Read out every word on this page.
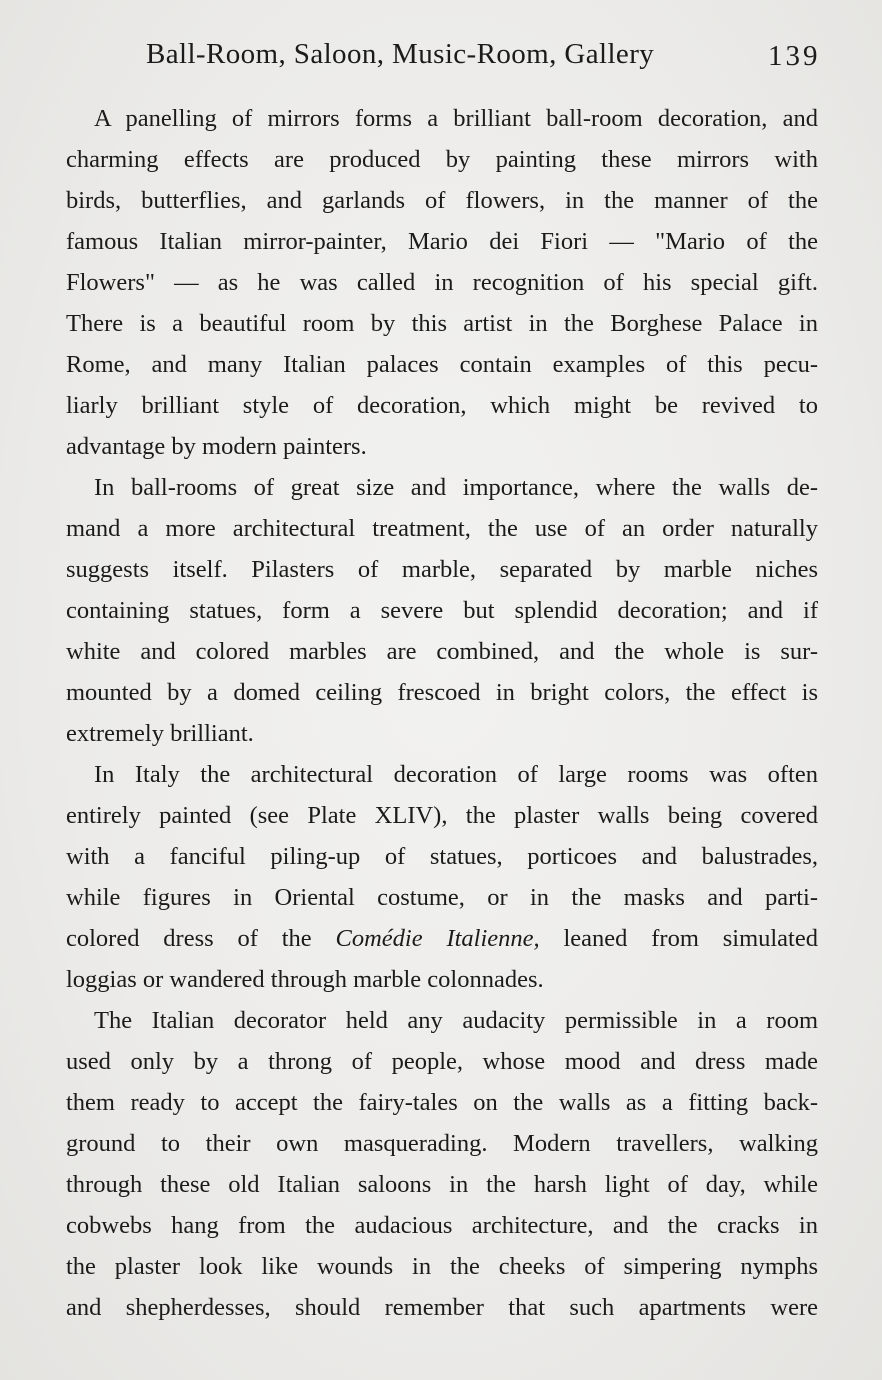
Ball-Room, Saloon, Music-Room, Gallery	139
A panelling of mirrors forms a brilliant ball-room decoration, and
charming effects are produced by painting these mirrors with
birds, butterflies, and garlands of flowers, in the manner of the
famous Italian mirror-painter, Mario dei Fiori — "Mario of the
Flowers" — as he was called in recognition of his special gift.
There is a beautiful room by this artist in the Borghese Palace in
Rome, and many Italian palaces contain examples of this pecu-
liarly brilliant style of decoration, which might be revived to
advantage by modern painters.
In ball-rooms of great size and importance, where the walls de-
mand a more architectural treatment, the use of an order naturally
suggests itself. Pilasters of marble, separated by marble niches
containing statues, form a severe but splendid decoration; and if
white and colored marbles are combined, and the whole is sur-
mounted by a domed ceiling frescoed in bright colors, the effect is
extremely brilliant.
In Italy the architectural decoration of large rooms was often
entirely painted (see Plate XLIV), the plaster walls being covered
with a fanciful piling-up of statues, porticoes and balustrades,
while figures in Oriental costume, or in the masks and parti-
colored dress of the Comédie Italienne, leaned from simulated
loggias or wandered through marble colonnades.
The Italian decorator held any audacity permissible in a room
used only by a throng of people, whose mood and dress made
them ready to accept the fairy-tales on the walls as a fitting back-
ground to their own masquerading. Modern travellers, walking
through these old Italian saloons in the harsh light of day, while
cobwebs hang from the audacious architecture, and the cracks in
the plaster look like wounds in the cheeks of simpering nymphs
and shepherdesses, should remember that such apartments were
